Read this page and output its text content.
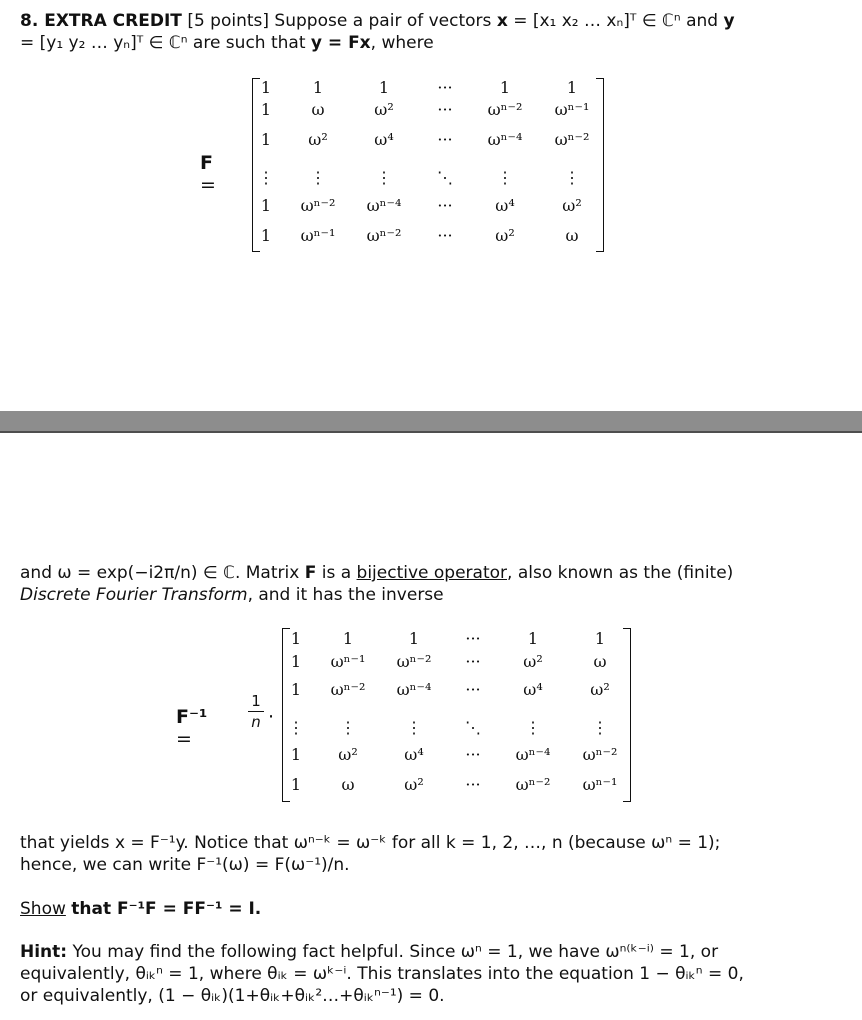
8. EXTRA CREDIT [5 points] Suppose a pair of vectors x = [x₁ x₂ … xₙ]ᵀ ∈ ℂⁿ and y
= [y₁ y₂ … yₙ]ᵀ ∈ ℂⁿ are such that y = Fx, where
F =
1	1	1	···	1	1
1	ω	ω²	···	ωⁿ⁻²	ωⁿ⁻¹
1	ω²	ω⁴	···	ωⁿ⁻⁴	ωⁿ⁻²
⋮	⋮	⋮	⋱	⋮	⋮
1	ωⁿ⁻²	ωⁿ⁻⁴	···	ω⁴	ω²
1	ωⁿ⁻¹	ωⁿ⁻²	···	ω²	ω
and ω = exp(−i2π/n) ∈ ℂ. Matrix F is a bijective operator, also known as the (finite)
Discrete Fourier Transform, and it has the inverse
F⁻¹ =
1
n ·
1	1	1	···	1	1
1	ωⁿ⁻¹	ωⁿ⁻²	···	ω²	ω
1	ωⁿ⁻²	ωⁿ⁻⁴	···	ω⁴	ω²
⋮	⋮	⋮	⋱	⋮	⋮
1	ω²	ω⁴	···	ωⁿ⁻⁴	ωⁿ⁻²
1	ω	ω²	···	ωⁿ⁻²	ωⁿ⁻¹
that yields x = F⁻¹y. Notice that ωⁿ⁻ᵏ = ω⁻ᵏ for all k = 1, 2, …, n (because ωⁿ = 1);
hence, we can write F⁻¹(ω) = F(ω⁻¹)/n.
Show that F⁻¹F = FF⁻¹ = I.
Hint: You may find the following fact helpful. Since ωⁿ = 1, we have ωⁿ⁽ᵏ⁻ⁱ⁾ = 1, or
equivalently, θᵢₖⁿ = 1, where θᵢₖ = ωᵏ⁻ⁱ. This translates into the equation 1 − θᵢₖⁿ = 0,
or equivalently, (1 − θᵢₖ)(1+θᵢₖ+θᵢₖ²…+θᵢₖⁿ⁻¹) = 0.
